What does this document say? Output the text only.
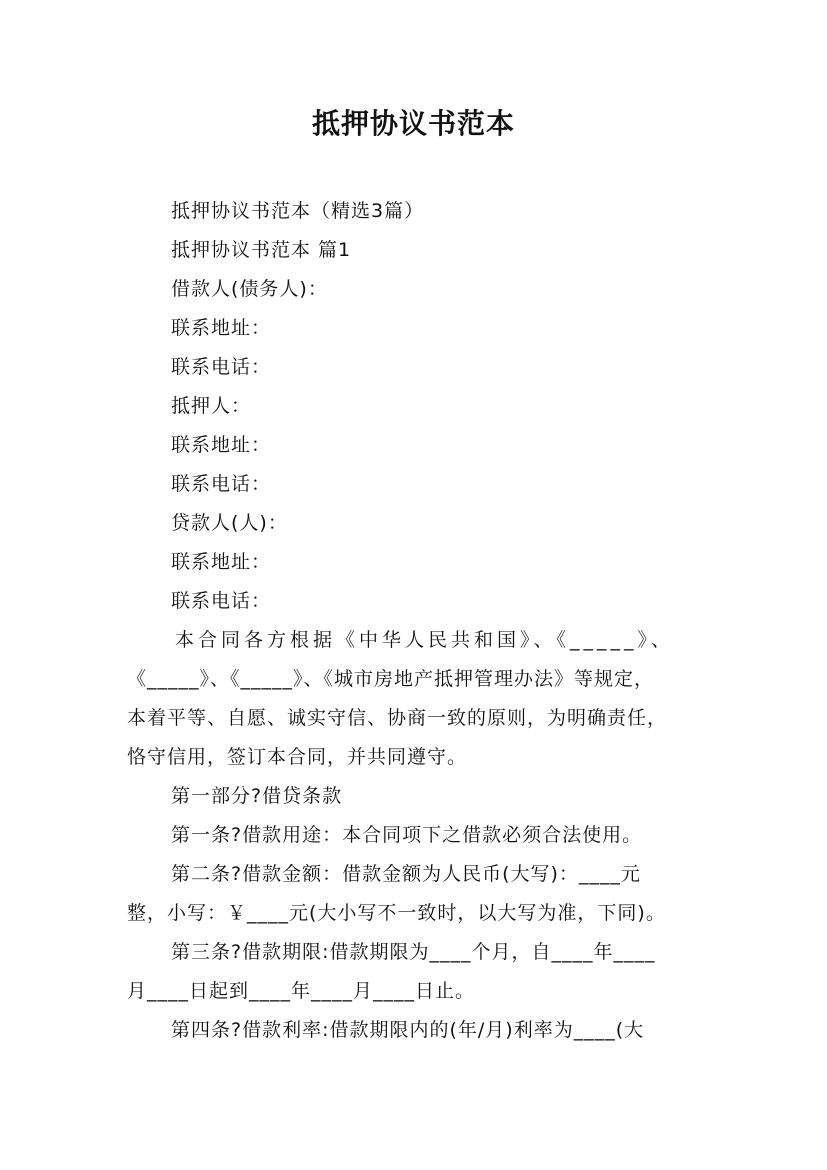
抵押协议书范本
抵押协议书范本（精选3篇）
抵押协议书范本 篇1
借款人(债务人)：
联系地址：
联系电话：
抵押人：
联系地址：
联系电话：
贷款人(人)：
联系地址：
联系电话：
本合同各方根据《中华人民共和国》、《_____》、
《_____》、《_____》、《城市房地产抵押管理办法》等规定，
本着平等、自愿、诚实守信、协商一致的原则，为明确责任，
恪守信用，签订本合同，并共同遵守。
第一部分?借贷条款
第一条?借款用途：本合同项下之借款必须合法使用。
第二条?借款金额：借款金额为人民币(大写)：____元
整，小写：￥____元(大小写不一致时，以大写为准，下同)。
第三条?借款期限:借款期限为____个月，自____年____
月____日起到____年____月____日止。
第四条?借款利率:借款期限内的(年/月)利率为____(大
